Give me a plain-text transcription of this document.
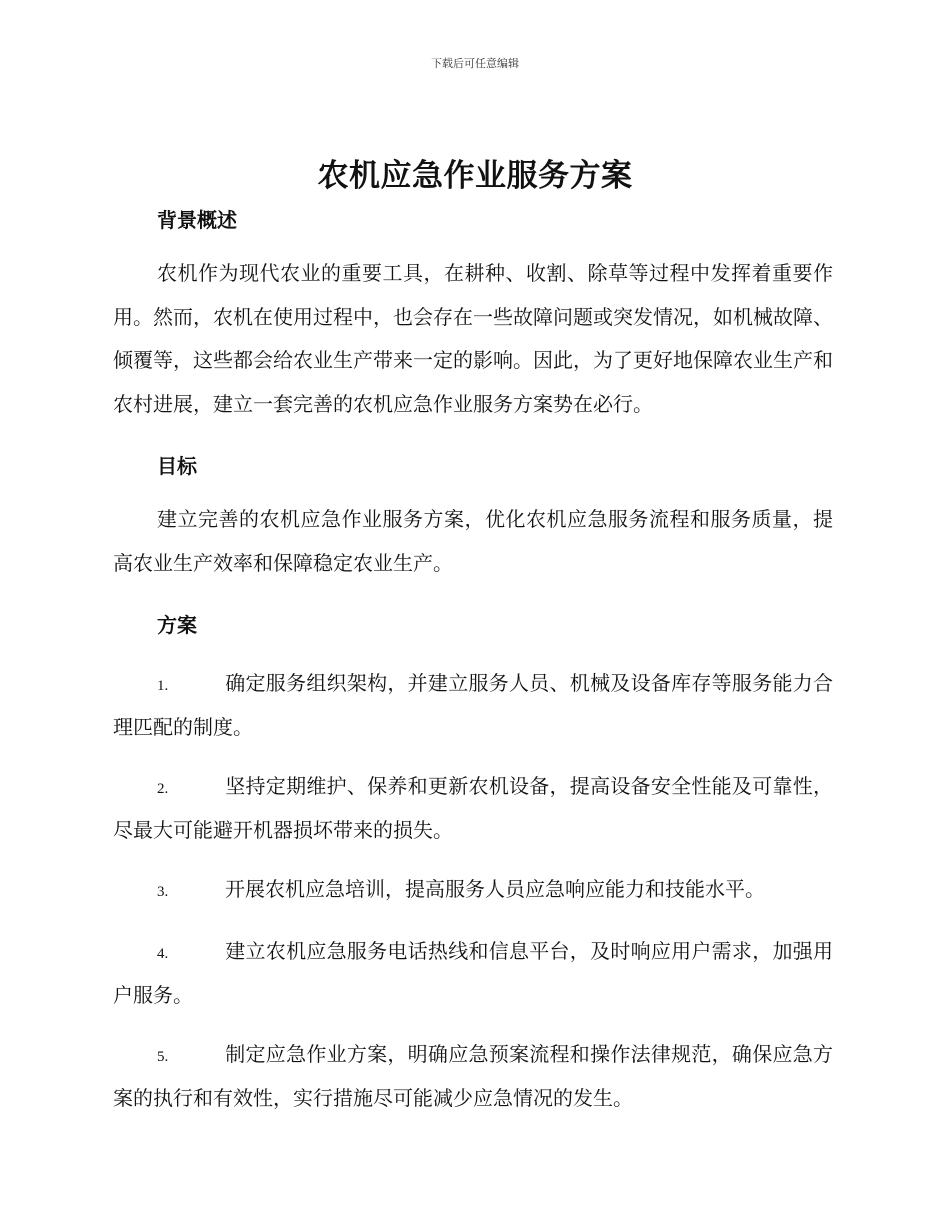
下载后可任意编辑
农机应急作业服务方案
背景概述

农机作为现代农业的重要工具，在耕种、收割、除草等过程中发挥着重要作用。然而，农机在使用过程中，也会存在一些故障问题或突发情况，如机械故障、倾覆等，这些都会给农业生产带来一定的影响。因此，为了更好地保障农业生产和农村进展，建立一套完善的农机应急作业服务方案势在必行。

目标

建立完善的农机应急作业服务方案，优化农机应急服务流程和服务质量，提高农业生产效率和保障稳定农业生产。

方案

1.	确定服务组织架构，并建立服务人员、机械及设备库存等服务能力合理匹配的制度。

2.	坚持定期维护、保养和更新农机设备，提高设备安全性能及可靠性，尽最大可能避开机器损坏带来的损失。

3.	开展农机应急培训，提高服务人员应急响应能力和技能水平。

4.	建立农机应急服务电话热线和信息平台，及时响应用户需求，加强用户服务。

5.	制定应急作业方案，明确应急预案流程和操作法律规范，确保应急方案的执行和有效性，实行措施尽可能减少应急情况的发生。
